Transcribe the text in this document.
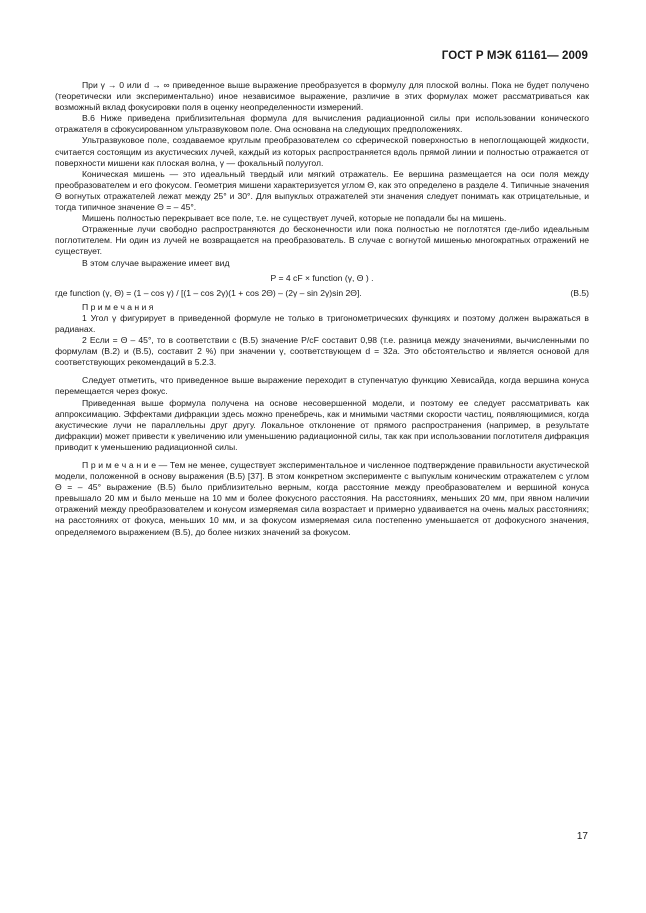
ГОСТ Р МЭК 61161— 2009

При γ → 0 или d → ∞ приведенное выше выражение преобразуется в формулу для плоской волны. Пока не будет получено (теоретически или экспериментально) иное независимое выражение, различие в этих формулах может рассматриваться как возможный вклад фокусировки поля в оценку неопределенности измерений.

В.6 Ниже приведена приблизительная формула для вычисления радиационной силы при использовании конического отражателя в сфокусированном ультразвуковом поле. Она основана на следующих предположениях.

Ультразвуковое поле, создаваемое круглым преобразователем со сферической поверхностью в непоглощающей жидкости, считается состоящим из акустических лучей, каждый из которых распространяется вдоль прямой линии и полностью отражается от поверхности мишени как плоская волна, γ — фокальный полуугол.

Коническая мишень — это идеальный твердый или мягкий отражатель. Ее вершина размещается на оси поля между преобразователем и его фокусом. Геометрия мишени характеризуется углом Θ, как это определено в разделе 4. Типичные значения Θ вогнутых отражателей лежат между 25° и 30°. Для выпуклых отражателей эти значения следует понимать как отрицательные, и тогда типичное значение Θ = – 45°.

Мишень полностью перекрывает все поле, т.е. не существует лучей, которые не попадали бы на мишень.

Отраженные лучи свободно распространяются до бесконечности или пока полностью не поглотятся где-либо идеальным поглотителем. Ни один из лучей не возвращается на преобразователь. В случае с вогнутой мишенью многократных отражений не существует.

В этом случае выражение имеет вид

P = 4 cF × function (γ, Θ ) .
где function (γ, Θ) = (1 – cos γ) / [(1 – cos 2γ)(1 + cos 2Θ) – (2γ – sin 2γ)sin 2Θ].	(В.5)

П р и м е ч а н и я

1 Угол γ фигурирует в приведенной формуле не только в тригонометрических функциях и поэтому должен выражаться в радианах.

2 Если = Θ – 45°, то в соответствии с (В.5) значение P/cF составит 0,98 (т.е. разница между значениями, вычисленными по формулам (В.2) и (В.5), составит 2 %) при значении γ, соответствующем d = 32a. Это обстоятельство и является основой для соответствующих рекомендаций в 5.2.3.

Следует отметить, что приведенное выше выражение переходит в ступенчатую функцию Хевисайда, когда вершина конуса перемещается через фокус.

Приведенная выше формула получена на основе несовершенной модели, и поэтому ее следует рассматривать как аппроксимацию. Эффектами дифракции здесь можно пренебречь, как и мнимыми частями скорости частиц, появляющимися, когда акустические лучи не параллельны друг другу. Локальное отклонение от прямого распространения (например, в результате дифракции) может привести к увеличению или уменьшению радиационной силы, так как при использовании поглотителя дифракция приводит к уменьшению радиационной силы.

П р и м е ч а н и е — Тем не менее, существует экспериментальное и численное подтверждение правильности акустической модели, положенной в основу выражения (В.5) [37]. В этом конкретном эксперименте с выпуклым коническим отражателем с углом Θ = – 45° выражение (В.5) было приблизительно верным, когда расстояние между преобразователем и вершиной конуса превышало 20 мм и было меньше на 10 мм и более фокусного расстояния. На расстояниях, меньших 20 мм, при явном наличии отражений между преобразователем и конусом измеряемая сила возрастает и примерно удваивается на очень малых расстояниях; на расстояниях от фокуса, меньших 10 мм, и за фокусом измеряемая сила постепенно уменьшается от дофокусного значения, определяемого выражением (В.5), до более низких значений за фокусом.

17
